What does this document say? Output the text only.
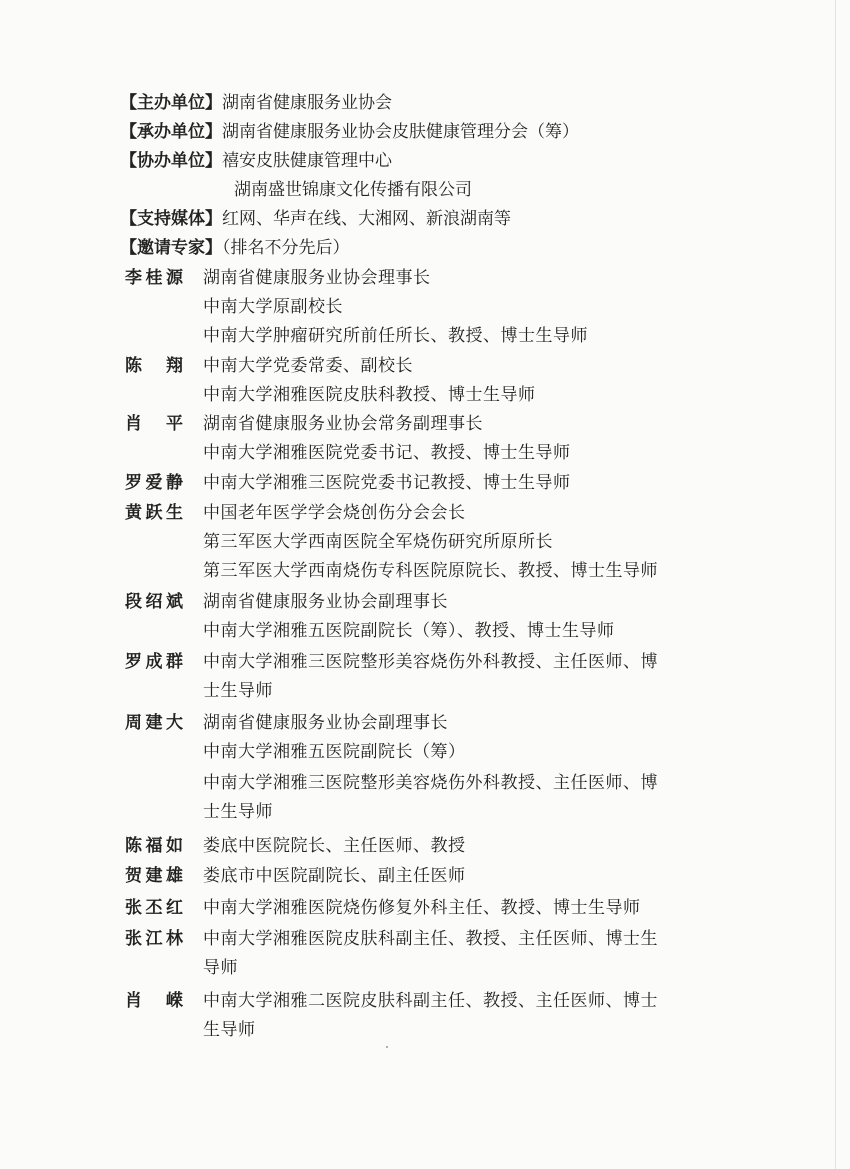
【主办单位】湖南省健康服务业协会
【承办单位】湖南省健康服务业协会皮肤健康管理分会（筹）
【协办单位】禧安皮肤健康管理中心
湖南盛世锦康文化传播有限公司
【支持媒体】红网、华声在线、大湘网、新浪湖南等
【邀请专家】（排名不分先后）
李桂源 湖南省健康服务业协会理事长
中南大学原副校长
中南大学肿瘤研究所前任所长、教授、博士生导师
陈　翔 中南大学党委常委、副校长
中南大学湘雅医院皮肤科教授、博士生导师
肖　平 湖南省健康服务业协会常务副理事长
中南大学湘雅医院党委书记、教授、博士生导师
罗爱静 中南大学湘雅三医院党委书记教授、博士生导师
黄跃生 中国老年医学学会烧创伤分会会长
第三军医大学西南医院全军烧伤研究所原所长
第三军医大学西南烧伤专科医院原院长、教授、博士生导师
段绍斌 湖南省健康服务业协会副理事长
中南大学湘雅五医院副院长（筹）、教授、博士生导师
罗成群 中南大学湘雅三医院整形美容烧伤外科教授、主任医师、博
士生导师
周建大 湖南省健康服务业协会副理事长
中南大学湘雅五医院副院长（筹）
中南大学湘雅三医院整形美容烧伤外科教授、主任医师、博
士生导师
陈福如 娄底中医院院长、主任医师、教授
贺建雄 娄底市中医院副院长、副主任医师
张丕红 中南大学湘雅医院烧伤修复外科主任、教授、博士生导师
张江林 中南大学湘雅医院皮肤科副主任、教授、主任医师、博士生
导师
肖　嵘 中南大学湘雅二医院皮肤科副主任、教授、主任医师、博士
生导师
